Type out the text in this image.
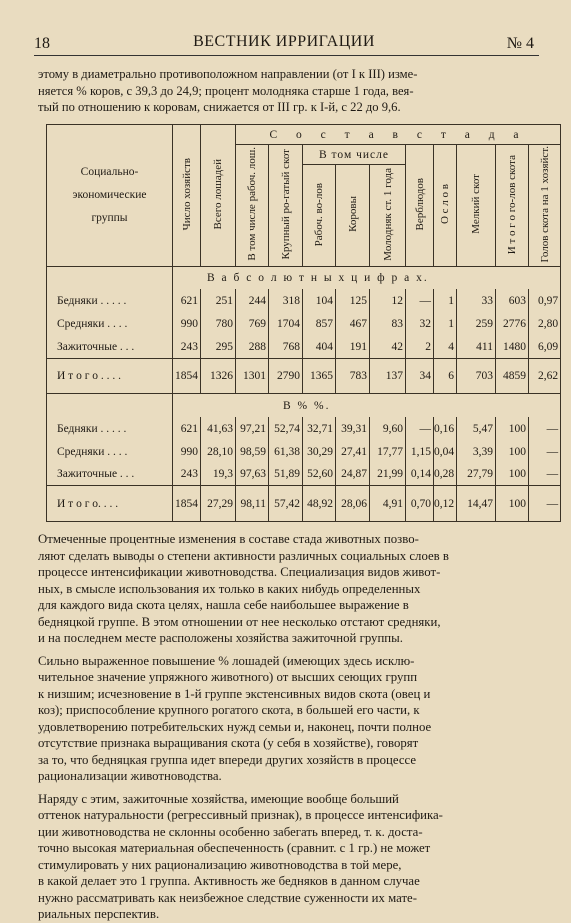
18	ВЕСТНИК ИРРИГАЦИИ	№ 4
этому в диаметрально противоположном направлении (от I к III) изме-
няется % коров, с 39,3 до 24,9; процент молодняка старше 1 года, вея-
тый по отношению к коровам, снижается от III гр. к I-й, с 22 до 9,6.
Социально-
экономические
группы	Число хозяйств	Всего лошадей	С о с т а в с т а д а									
			В том числе рабоч. лош.	Крупный ро-гатый скот	В том числе			Верблюдов	О с л о в	Мелкий скот	И т о г о го-лов скота	Голов скота на 1 хозяйст.
					Рабоч. во-лов	Коровы	Молодняк ст. 1 года					
	В а б с о л ю т н ы х ц и ф р а х.											
Бедняки . . . . .	621	251	244	318	104	125	12	—	1	33	603	0,97
Средняки . . . .	990	780	769	1704	857	467	83	32	1	259	2776	2,80
Зажиточные . . .	243	295	288	768	404	191	42	2	4	411	1480	6,09
И т о г о . . . .	1854	1326	1301	2790	1365	783	137	34	6	703	4859	2,62
	В % %.											
Бедняки . . . . .	621	41,63	97,21	52,74	32,71	39,31	9,60	—	0,16	5,47	100	—
Средняки . . . .	990	28,10	98,59	61,38	30,29	27,41	17,77	1,15	0,04	3,39	100	—
Зажиточные . . .	243	19,3	97,63	51,89	52,60	24,87	21,99	0,14	0,28	27,79	100	—
И т о г о. . . .	1854	27,29	98,11	57,42	48,92	28,06	4,91	0,70	0,12	14,47	100	—
Отмеченные процентные изменения в составе стада животных позво-
ляют сделать выводы о степени активности различных социальных слоев в
процессе интенсификации животноводства. Специализация видов живот-
ных, в смысле использования их только в каких нибудь определенных
для каждого вида скота целях, нашла себе наибольшее выражение в
бедняцкой группе. В этом отношении от нее несколько отстают средняки,
и на последнем месте расположены хозяйства зажиточной группы.
Сильно выраженное повышение % лошадей (имеющих здесь исклю-
чительное значение упряжного животного) от высших сеющих групп
к низшим; исчезновение в 1-й группе экстенсивных видов скота (овец и
коз); приспособление крупного рогатого скота, в большей его части, к
удовлетворению потребительских нужд семьи и, наконец, почти полное
отсутствие признака выращивания скота (у себя в хозяйстве), говорят
за то, что бедняцкая группа идет впереди других хозяйств в процессе
рационализации животноводства.
Наряду с этим, зажиточные хозяйства, имеющие вообще больший
оттенок натуральности (регрессивный признак), в процессе интенсифика-
ции животноводства не склонны особенно забегать вперед, т. к. доста-
точно высокая материальная обеспеченность (сравнит. с 1 гр.) не может
стимулировать у них рационализацию животноводства в той мере,
в какой делает это 1 группа. Активность же бедняков в данном случае
нужно рассматривать как неизбежное следствие суженности их мате-
риальных перспектив.
